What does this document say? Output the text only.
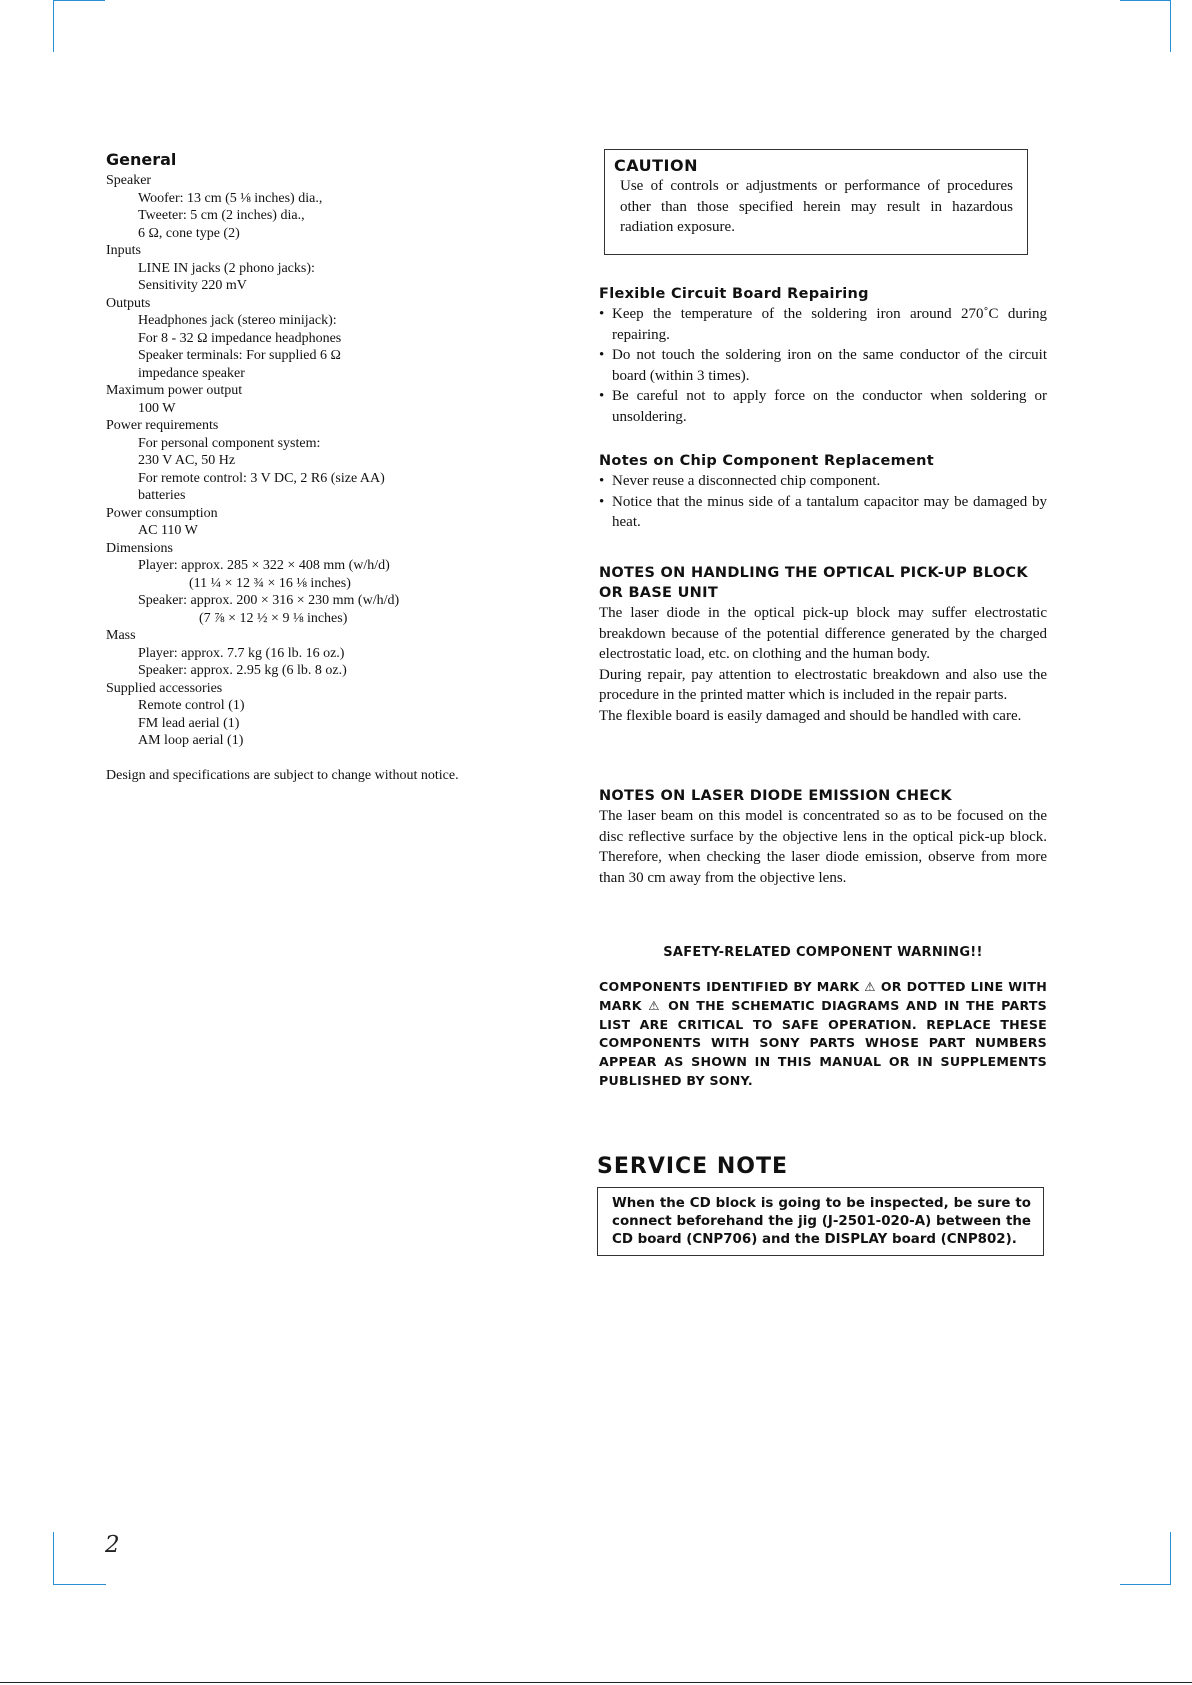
General
Speaker
Woofer: 13 cm (5 ⅛ inches) dia.,
Tweeter: 5 cm (2 inches) dia.,
6 Ω, cone type (2)
Inputs
LINE IN jacks (2 phono jacks):
Sensitivity 220 mV
Outputs
Headphones jack (stereo minijack):
For 8 - 32 Ω impedance headphones
Speaker terminals: For supplied 6 Ω
impedance speaker
Maximum power output
100 W
Power requirements
For personal component system:
230 V AC, 50 Hz
For remote control: 3 V DC, 2 R6 (size AA)
batteries
Power consumption
AC 110 W
Dimensions
Player: approx. 285 × 322 × 408 mm (w/h/d)
(11 ¼ × 12 ¾ × 16 ⅛ inches)
Speaker: approx. 200 × 316 × 230 mm (w/h/d)
(7 ⅞ × 12 ½ × 9 ⅛ inches)
Mass
Player: approx. 7.7 kg (16 lb. 16 oz.)
Speaker: approx. 2.95 kg (6 lb. 8 oz.)
Supplied accessories
Remote control (1)
FM lead aerial (1)
AM loop aerial (1)
Design and specifications are subject to change without notice.
CAUTION
Use of controls or adjustments or performance of procedures other than those specified herein may result in hazardous radiation exposure.
Flexible Circuit Board Repairing
• Keep the temperature of the soldering iron around 270˚C during repairing.
• Do not touch the soldering iron on the same conductor of the circuit board (within 3 times).
• Be careful not to apply force on the conductor when soldering or unsoldering.
Notes on Chip Component Replacement
• Never reuse a disconnected chip component.
• Notice that the minus side of a tantalum capacitor may be damaged by heat.
NOTES ON HANDLING THE OPTICAL PICK-UP BLOCK OR BASE UNIT
The laser diode in the optical pick-up block may suffer electrostatic breakdown because of the potential difference generated by the charged electrostatic load, etc. on clothing and the human body.
During repair, pay attention to electrostatic breakdown and also use the procedure in the printed matter which is included in the repair parts.
The flexible board is easily damaged and should be handled with care.
NOTES ON LASER DIODE EMISSION CHECK
The laser beam on this model is concentrated so as to be focused on the disc reflective surface by the objective lens in the optical pick-up block. Therefore, when checking the laser diode emission, observe from more than 30 cm away from the objective lens.
SAFETY-RELATED COMPONENT WARNING!!
COMPONENTS IDENTIFIED BY MARK ⚠ OR DOTTED LINE WITH MARK ⚠ ON THE SCHEMATIC DIAGRAMS AND IN THE PARTS LIST ARE CRITICAL TO SAFE OPERATION. REPLACE THESE COMPONENTS WITH SONY PARTS WHOSE PART NUMBERS APPEAR AS SHOWN IN THIS MANUAL OR IN SUPPLEMENTS PUBLISHED BY SONY.
SERVICE NOTE
When the CD block is going to be inspected, be sure to connect beforehand the jig (J-2501-020-A) between the CD board (CNP706) and the DISPLAY board (CNP802).
2
